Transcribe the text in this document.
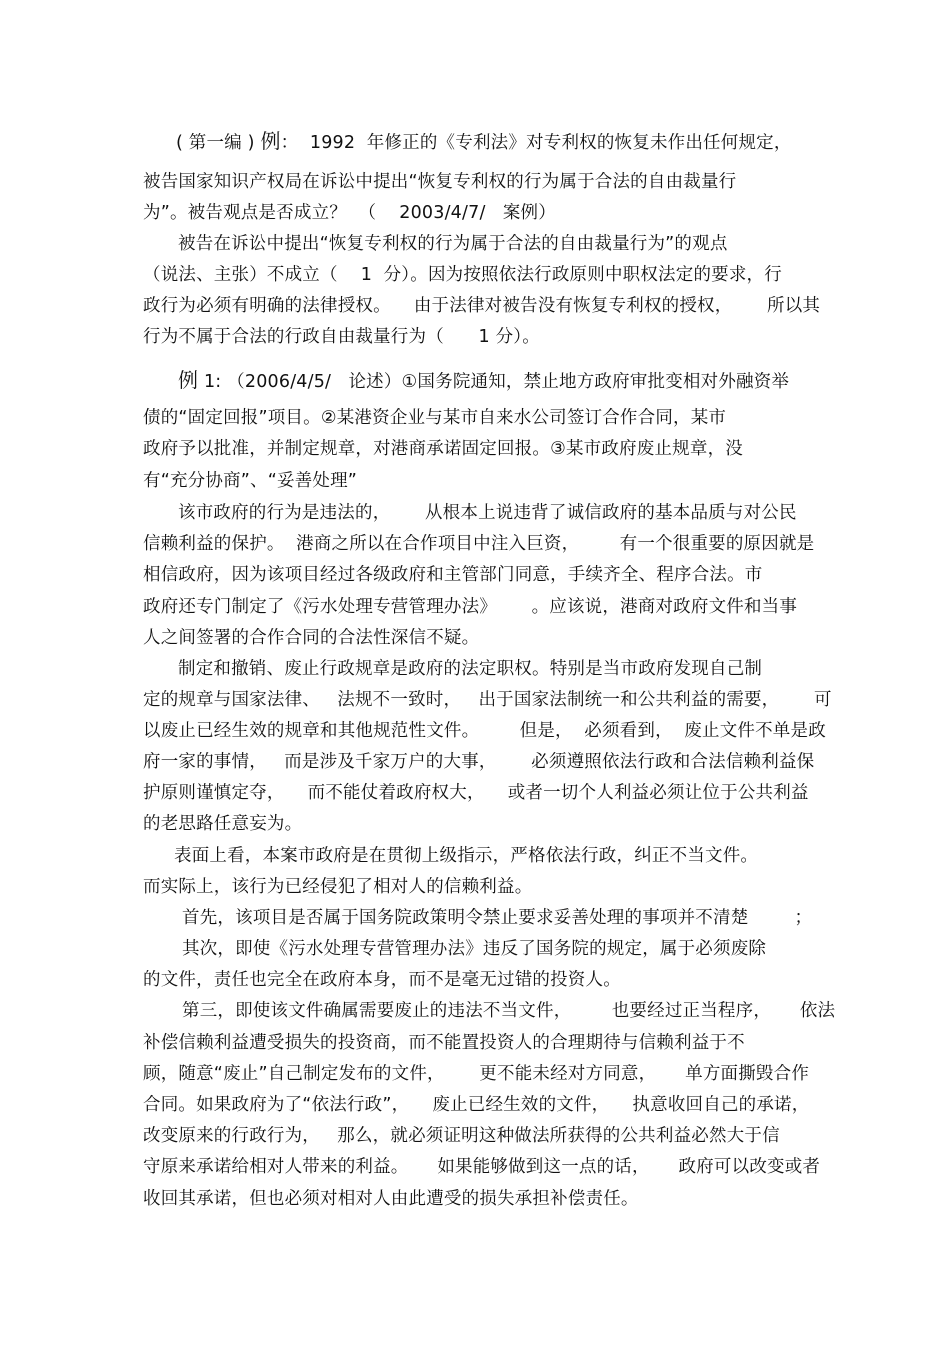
( 第一编 ) 例：  1992  年修正的《专利法》对专利权的恢复未作出任何规定，
被告国家知识产权局在诉讼中提出“恢复专利权的行为属于合法的自由裁量行
为”。被告观点是否成立？  （    2003/4/7/   案例）
被告在诉讼中提出“恢复专利权的行为属于合法的自由裁量行为”的观点
（说法、主张）不成立（    1  分）。因为按照依法行政原则中职权法定的要求，行
政行为必须有明确的法律授权。    由于法律对被告没有恢复专利权的授权，      所以其
行为不属于合法的行政自由裁量行为（      1 分）。
例 1: （2006/4/5/   论述）①国务院通知，禁止地方政府审批变相对外融资举
债的“固定回报”项目。②某港资企业与某市自来水公司签订合作合同，某市
政府予以批准，并制定规章，对港商承诺固定回报。③某市政府废止规章，没
有“充分协商”、“妥善处理”
该市政府的行为是违法的，      从根本上说违背了诚信政府的基本品质与对公民
信赖利益的保护。  港商之所以在合作项目中注入巨资，       有一个很重要的原因就是
相信政府，因为该项目经过各级政府和主管部门同意，手续齐全、程序合法。市
政府还专门制定了《污水处理专营管理办法》      。应该说，港商对政府文件和当事
人之间签署的合作合同的合法性深信不疑。
制定和撤销、废止行政规章是政府的法定职权。特别是当市政府发现自己制
定的规章与国家法律、   法规不一致时，   出于国家法制统一和公共利益的需要，      可
以废止已经生效的规章和其他规范性文件。       但是，  必须看到，  废止文件不单是政
府一家的事情，   而是涉及千家万户的大事，      必须遵照依法行政和合法信赖利益保
护原则谨慎定夺，    而不能仗着政府权大，    或者一切个人利益必须让位于公共利益
的老思路任意妄为。
表面上看，本案市政府是在贯彻上级指示，严格依法行政，纠正不当文件。
而实际上，该行为已经侵犯了相对人的信赖利益。
首先，该项目是否属于国务院政策明令禁止要求妥善处理的事项并不清楚        ；
其次，即使《污水处理专营管理办法》违反了国务院的规定，属于必须废除
的文件，责任也完全在政府本身，而不是毫无过错的投资人。
第三，即使该文件确属需要废止的违法不当文件，       也要经过正当程序，     依法
补偿信赖利益遭受损失的投资商，而不能置投资人的合理期待与信赖利益于不
顾，随意“废止”自己制定发布的文件，      更不能未经对方同意，     单方面撕毁合作
合同。如果政府为了“依法行政”，    废止已经生效的文件，    执意收回自己的承诺，
改变原来的行政行为，   那么，就必须证明这种做法所获得的公共利益必然大于信
守原来承诺给相对人带来的利益。     如果能够做到这一点的话，     政府可以改变或者
收回其承诺，但也必须对相对人由此遭受的损失承担补偿责任。
